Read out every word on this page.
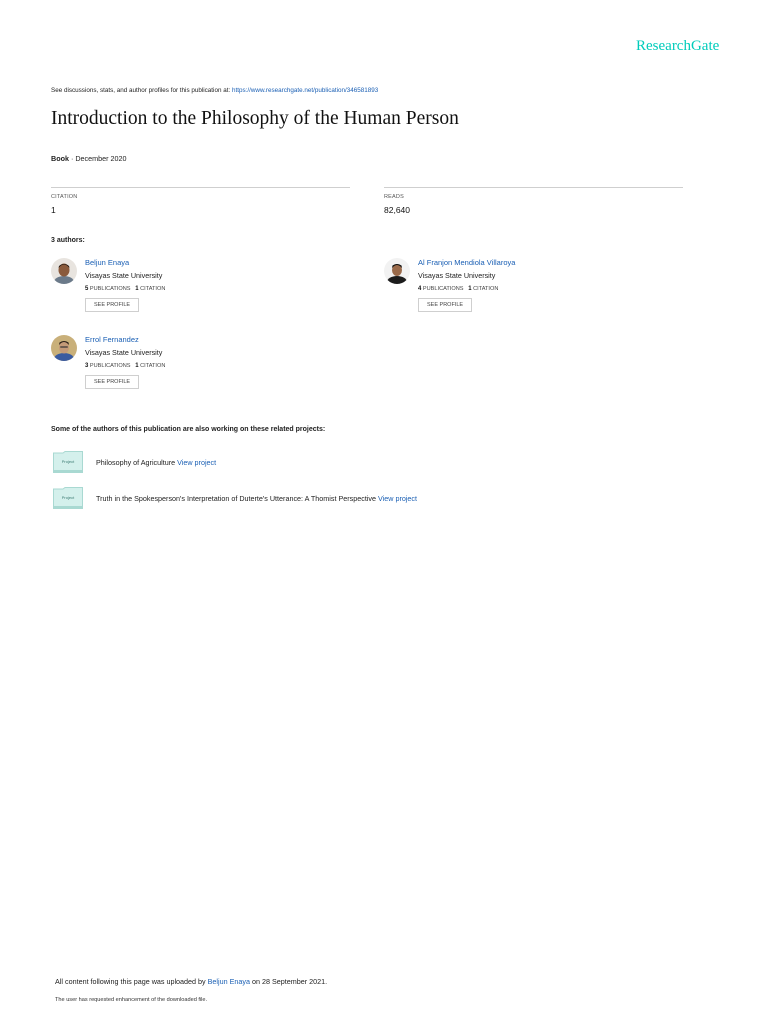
ResearchGate
See discussions, stats, and author profiles for this publication at: https://www.researchgate.net/publication/346581893
Introduction to the Philosophy of the Human Person
Book · December 2020
CITATION
1
READS
82,640
3 authors:
Beljun Enaya
Visayas State University
5 PUBLICATIONS 1 CITATION
SEE PROFILE
Al Franjon Mendiola Villaroya
Visayas State University
4 PUBLICATIONS 1 CITATION
SEE PROFILE
Errol Fernandez
Visayas State University
3 PUBLICATIONS 1 CITATION
SEE PROFILE
Some of the authors of this publication are also working on these related projects:
Project	Philosophy of Agriculture View project
Project	Truth in the Spokesperson's Interpretation of Duterte's Utterance: A Thomist Perspective View project
All content following this page was uploaded by Beljun Enaya on 28 September 2021.
The user has requested enhancement of the downloaded file.
